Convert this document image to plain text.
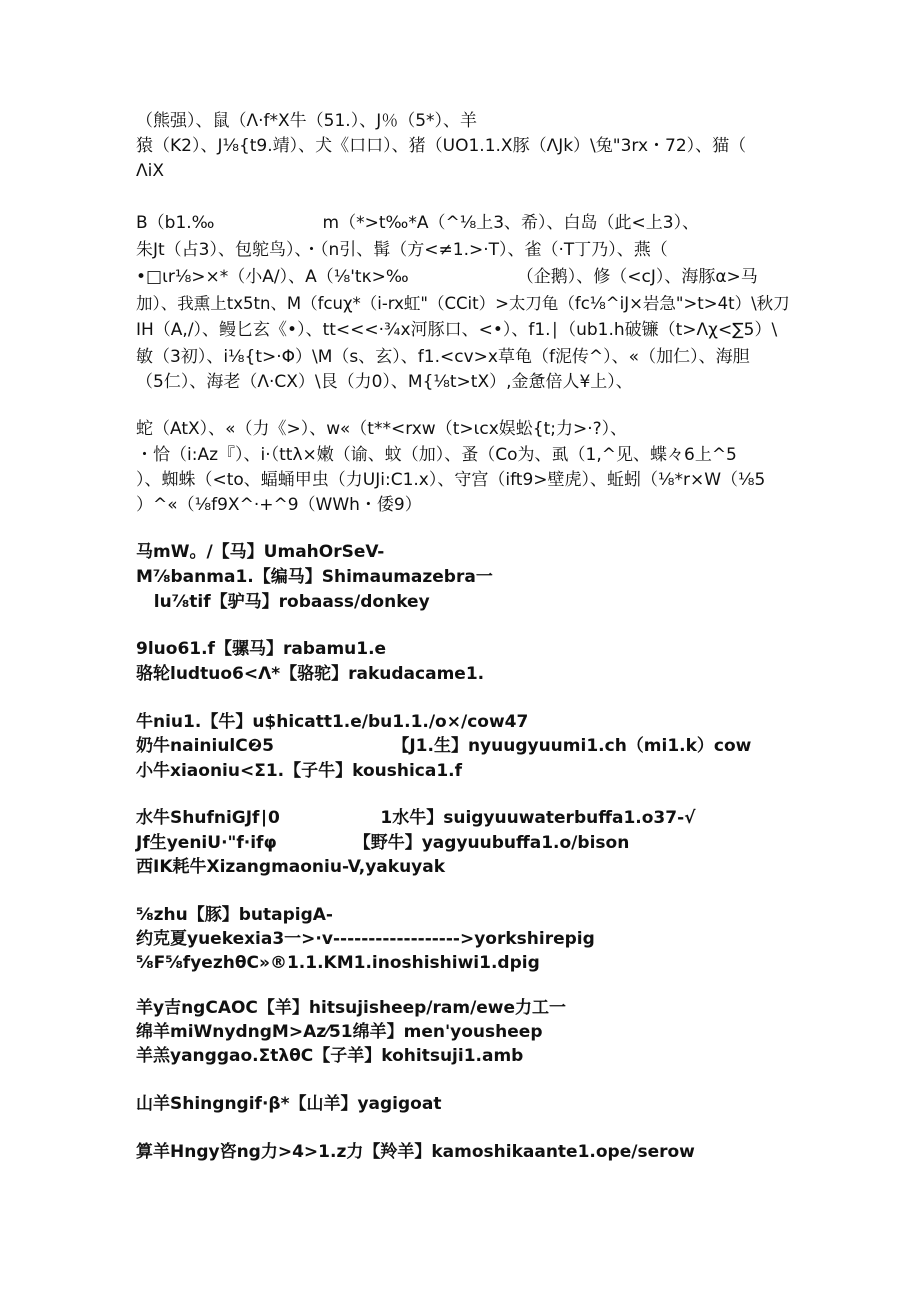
（熊强）、鼠（Λ·f*X牛（51.）、J％（5*）、羊
猿（K2）、J⅛{t9.靖）、犬《口口）、猪（UO1.1.X豚（ΛJk）\兔"3rx・72）、猫（
ΛiX
B（b1.‰                    m（*>t‰*A（^⅛上3、希）、白岛（此<上3）、
朱Jt（占3）、包鸵鸟）、・（n引、髯（方<≠1.>·T）、雀（·T丁乃）、燕（
•□ιr⅛>×*（小A/）、A（⅛'tκ>‰                    （企鹅）、修（<cJ）、海豚α>马
加）、我熏上tx5tn、M（fcuχ*（i-rx虹"（CCit）>太刀龟（fc⅛^iJ×岩急">t>4t）\秋刀
IH（A,/）、鳗匕玄《•）、tt<<<·¾x河豚口、<•）、f1.∣（ub1.h破镰（t>Λχ<∑5）\
敏（3初）、i⅛{t>·Φ）\M（s、玄）、f1.<cv>x草龟（f泥传^）、«（加仁）、海胆
（5仁）、海老（Λ·CX）\艮（力0）、M{⅛t>tX）,金惫倍人¥上）、
蛇（AtX）、«（力《>）、w«（t**<rxw（t>ιcx娱蚣{t;力>·?）、
・恰（i:Az『）、i·（ttλ×嫩（谕、蚊（加）、蚤（Co为、虱（1,^见、蝶々6上^5
）、蜘蛛（<to、蝠蛹甲虫（力UJi:C1.x）、守宫（ift9>壁虎）、蚯蚓（⅛*r×W（⅛5
）^«（⅛f9X^·+^9（WWh・倭9）
马mW。/【马】UmahOrSeV-
M⅞banma1.【编马】Shimaumazebra一
lu⅞tif【驴马】robaass/donkey
9luo61.f【骡马】rabamu1.e
骆轮ludtuo6<Λ*【骆驼】rakudacame1.
牛niu1.【牛】u$hicatt1.e/bu1.1./o×/cow47
奶牛nainiulC❷5                    【J1.生】nyuugyuumi1.ch（mi1.k）cow
小牛xiaoniu<Σ1.【子牛】koushica1.f
水牛ShufniGJf∣0                 1水牛】suigyuuwaterbuffa1.o37-√
Jf生yeniU·"f·ifφ             【野牛】yagyuubuffa1.o/bison
西IK耗牛Xizangmaoniu-V,yakuyak
⅝zhu【豚】butapigA-
约克夏yuekexia3一>·v------------------>yorkshirepig
⅝F⅝fyezhθC»®1.1.KM1.inoshishiwi1.dpig
羊y吉ngCAOC【羊】hitsujisheep/ram/ewe力工一
绵羊miWnydngM>Az⁄51绵羊】men'yousheep
羊羔yanggao.ΣtλθC【子羊】kohitsuji1.amb
山羊Shingngif·β*【山羊】yagigoat
算羊Hngy咨ng力>4>1.z力【羚羊】kamoshikaante1.ope/serow
